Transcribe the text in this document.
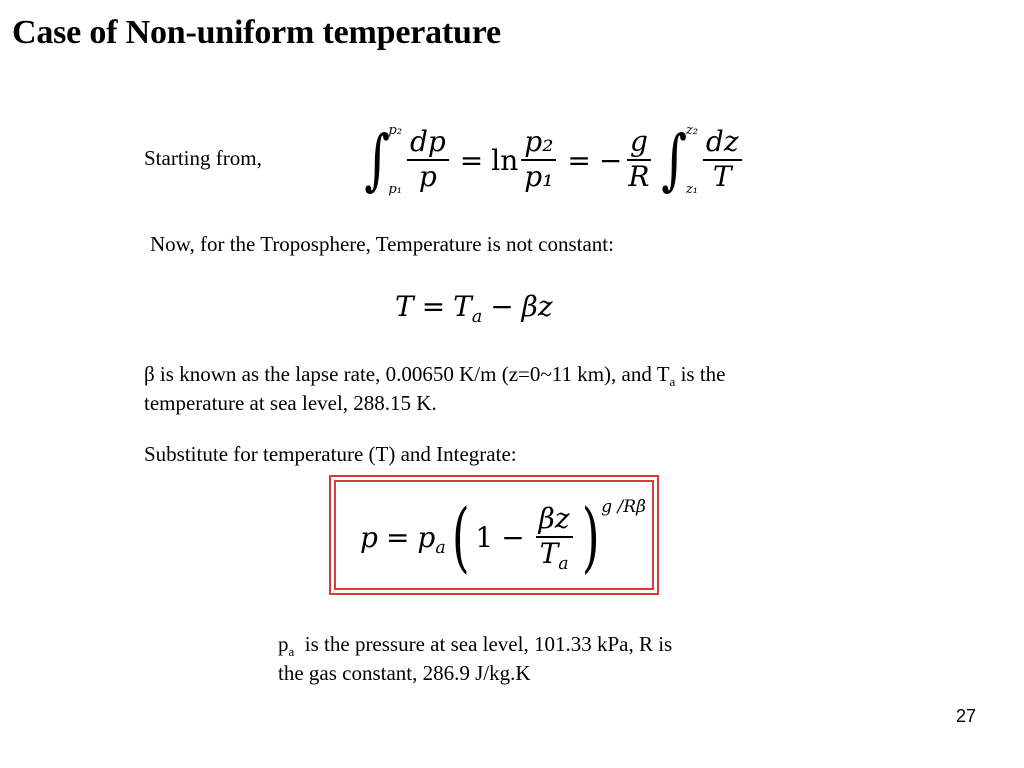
Case of Non-uniform temperature
Starting from, ∫
p₂
$p_1 \frac{dp}{p} = \ln \frac{\text{p₂}}{\text{p₁}}$ = − $\frac{g}{R}$ ∫
z₂
$z_1 \frac{dz}{T}$
Now, for the Troposphere, Temperature is not constant:
$T = T_a - \beta z$
β is known as the lapse rate, 0.00650 K/m (z=0~11 km), and $T_a$ is the
temperature at sea level, 288.15 K.
Substitute for temperature (T) and Integrate:
$p = p_a$ ( $1 - \frac{\beta z}{T_a}$ ) g /Rβ
$p_a$  is the pressure at sea level, 101.33 kPa, R is
the gas constant, 286.9 J/kg.K
27
